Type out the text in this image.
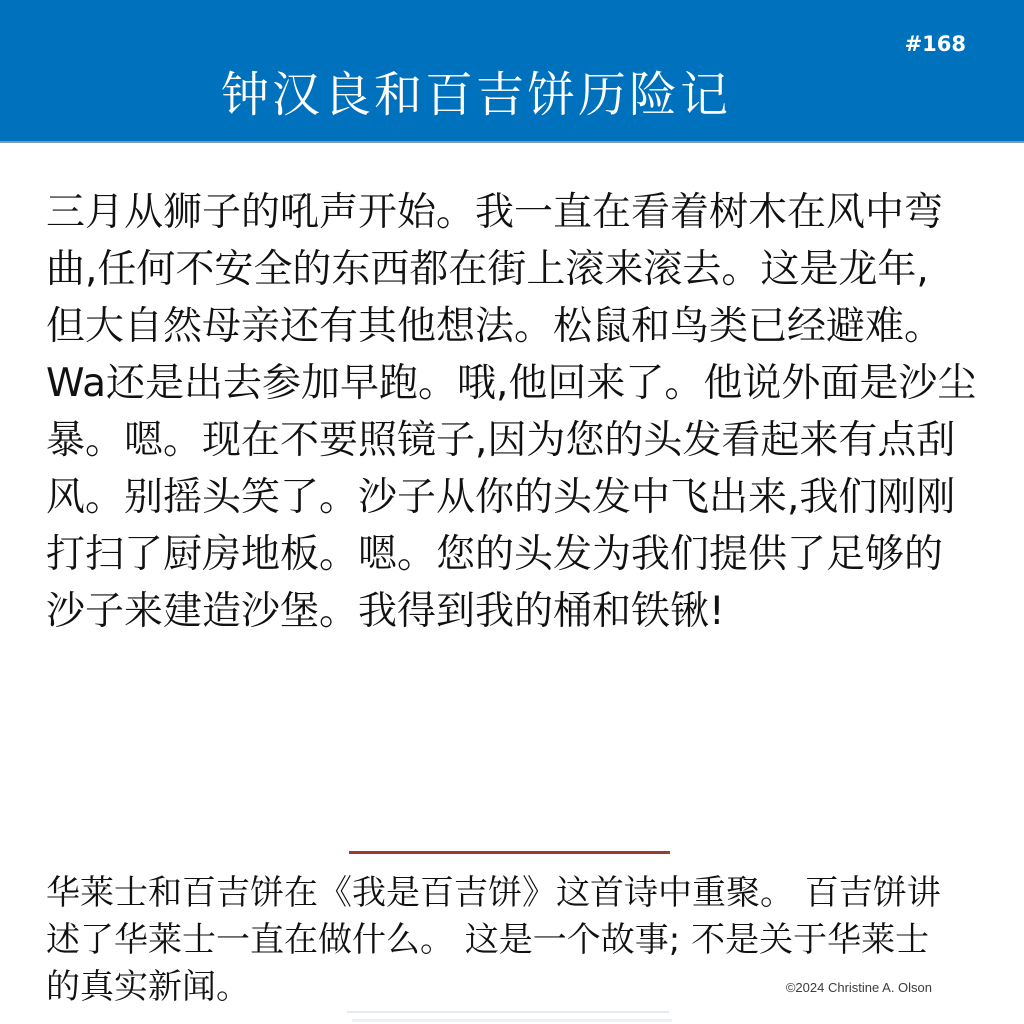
#168
钟汉良和百吉饼历险记
三月从狮子的吼声开始。我一直在看着树木在风中弯
曲,任何不安全的东西都在街上滚来滚去。这是龙年,
但大自然母亲还有其他想法。松鼠和鸟类已经避难。
Wa还是出去参加早跑。哦,他回来了。他说外面是沙尘
暴。嗯。现在不要照镜子,因为您的头发看起来有点刮
风。别摇头笑了。沙子从你的头发中飞出来,我们刚刚
打扫了厨房地板。嗯。您的头发为我们提供了足够的
沙子来建造沙堡。我得到我的桶和铁锹!
华莱士和百吉饼在《我是百吉饼》这首诗中重聚。 百吉饼讲
述了华莱士一直在做什么。 这是一个故事; 不是关于华莱士
的真实新闻。	©2024 Christine A. Olson
